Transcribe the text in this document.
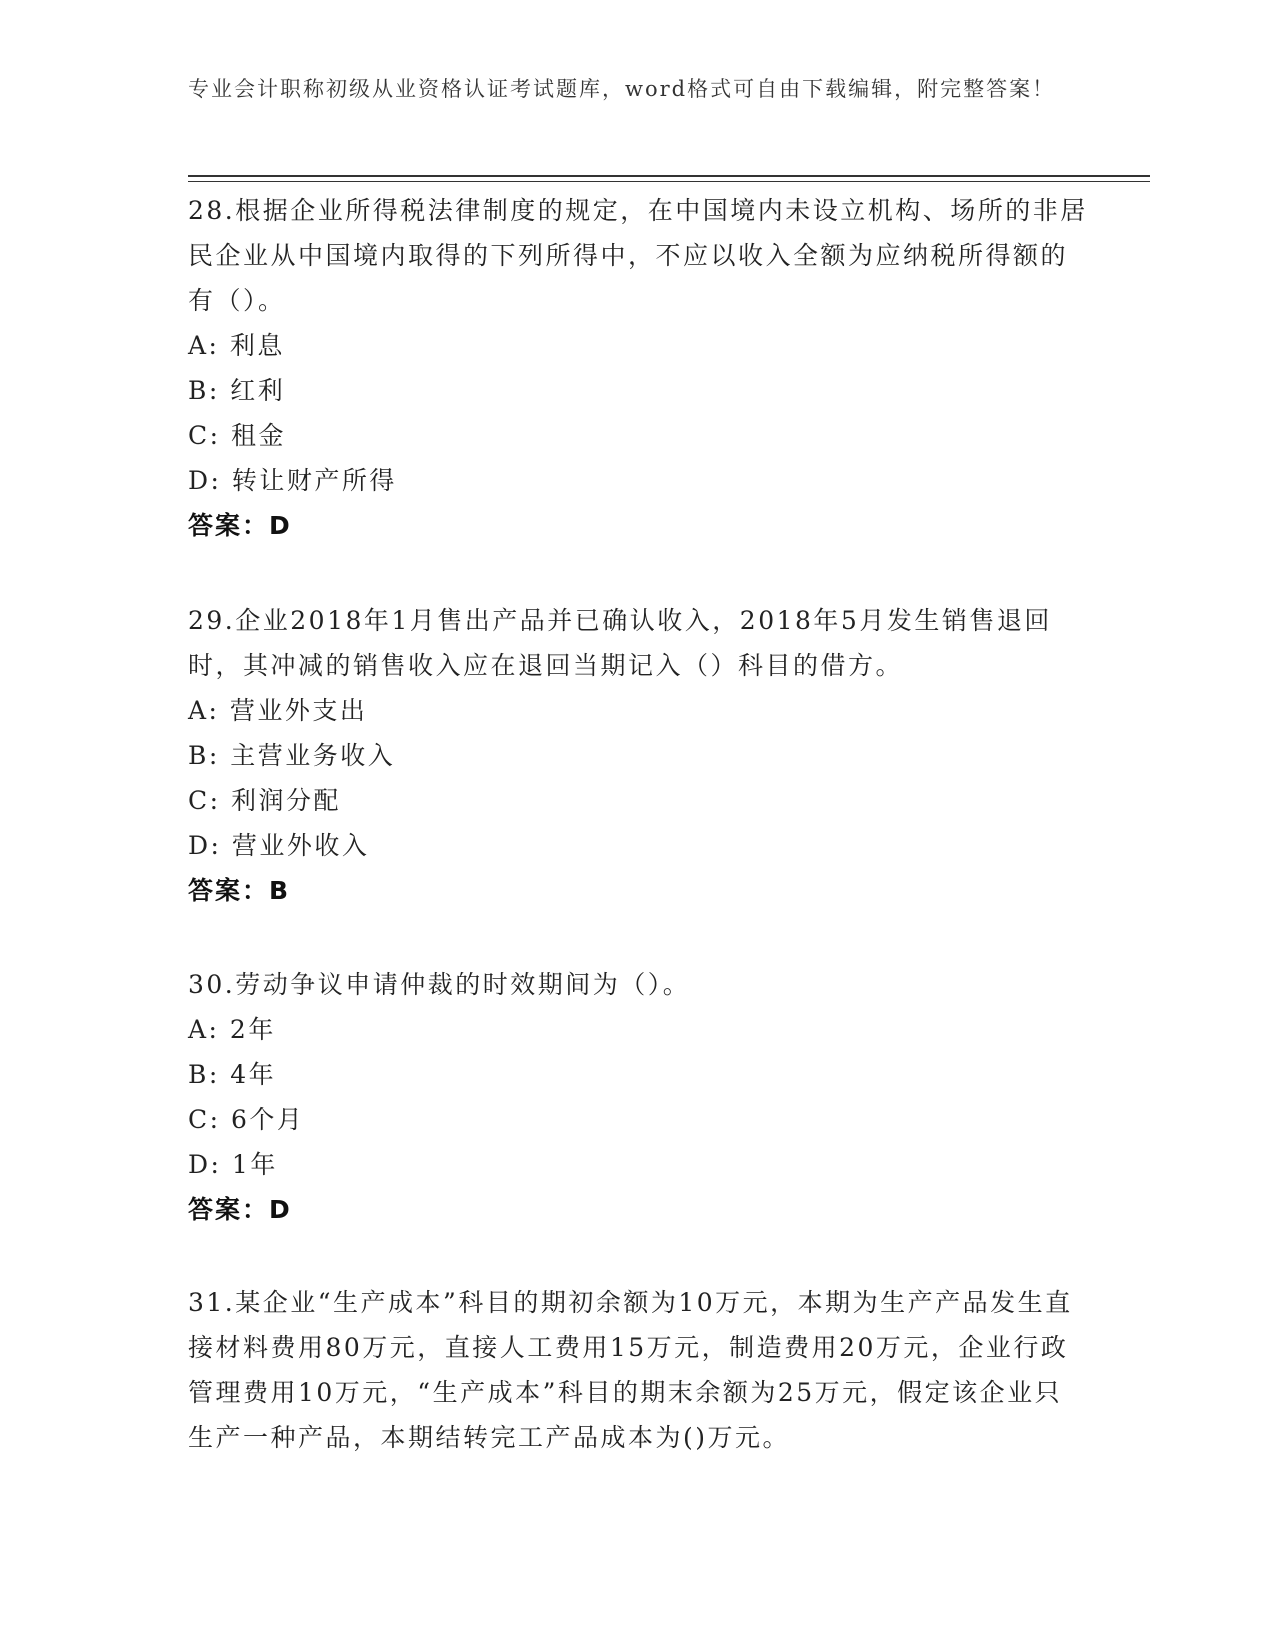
专业会计职称初级从业资格认证考试题库，word格式可自由下载编辑，附完整答案！

28.根据企业所得税法律制度的规定，在中国境内未设立机构、场所的非居民企业从中国境内取得的下列所得中，不应以收入全额为应纳税所得额的有（）。

A: 利息

B: 红利

C: 租金

D: 转让财产所得

答案：D

29.企业2018年1月售出产品并已确认收入，2018年5月发生销售退回时，其冲减的销售收入应在退回当期记入（）科目的借方。

A: 营业外支出

B: 主营业务收入

C: 利润分配

D: 营业外收入

答案：B

30.劳动争议申请仲裁的时效期间为（）。

A: 2年

B: 4年

C: 6个月

D: 1年

答案：D

31.某企业“生产成本”科目的期初余额为10万元，本期为生产产品发生直接材料费用80万元，直接人工费用15万元，制造费用20万元，企业行政管理费用10万元，“生产成本”科目的期末余额为25万元，假定该企业只生产一种产品，本期结转完工产品成本为()万元。
